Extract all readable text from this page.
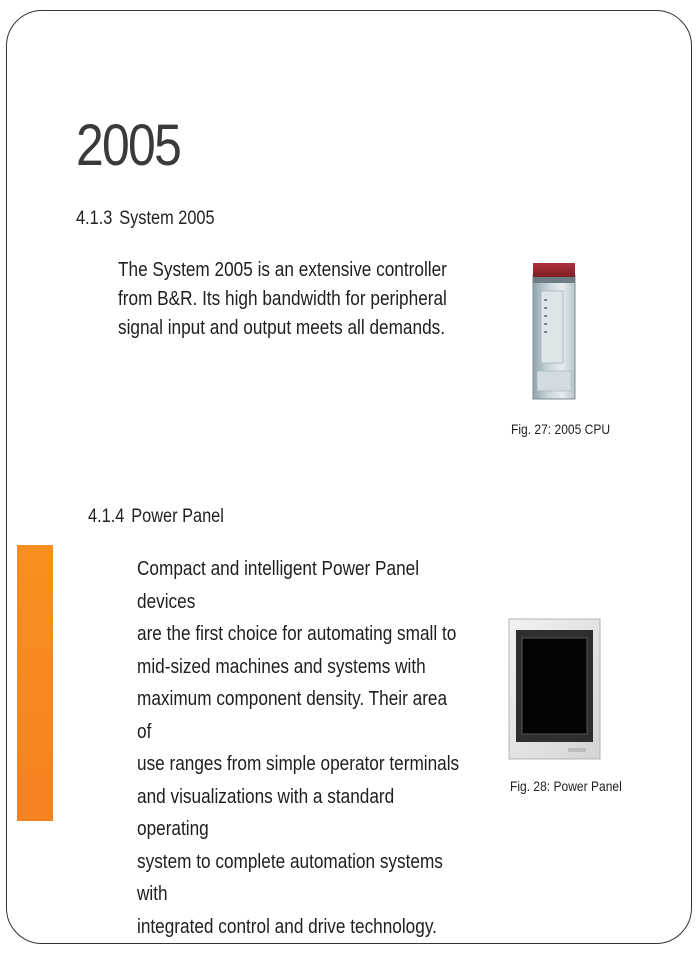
2005
4.1.3 System 2005
The System 2005 is an extensive controller
from B&R. Its high bandwidth for peripheral
signal input and output meets all demands.
Fig. 27: 2005 CPU
4.1.4 Power Panel
Compact and intelligent Power Panel devices
are the first choice for automating small to
mid-sized machines and systems with
maximum component density. Their area of
use ranges from simple operator terminals
and visualizations with a standard operating
system to complete automation systems with
integrated control and drive technology.
Fig. 28: Power Panel
